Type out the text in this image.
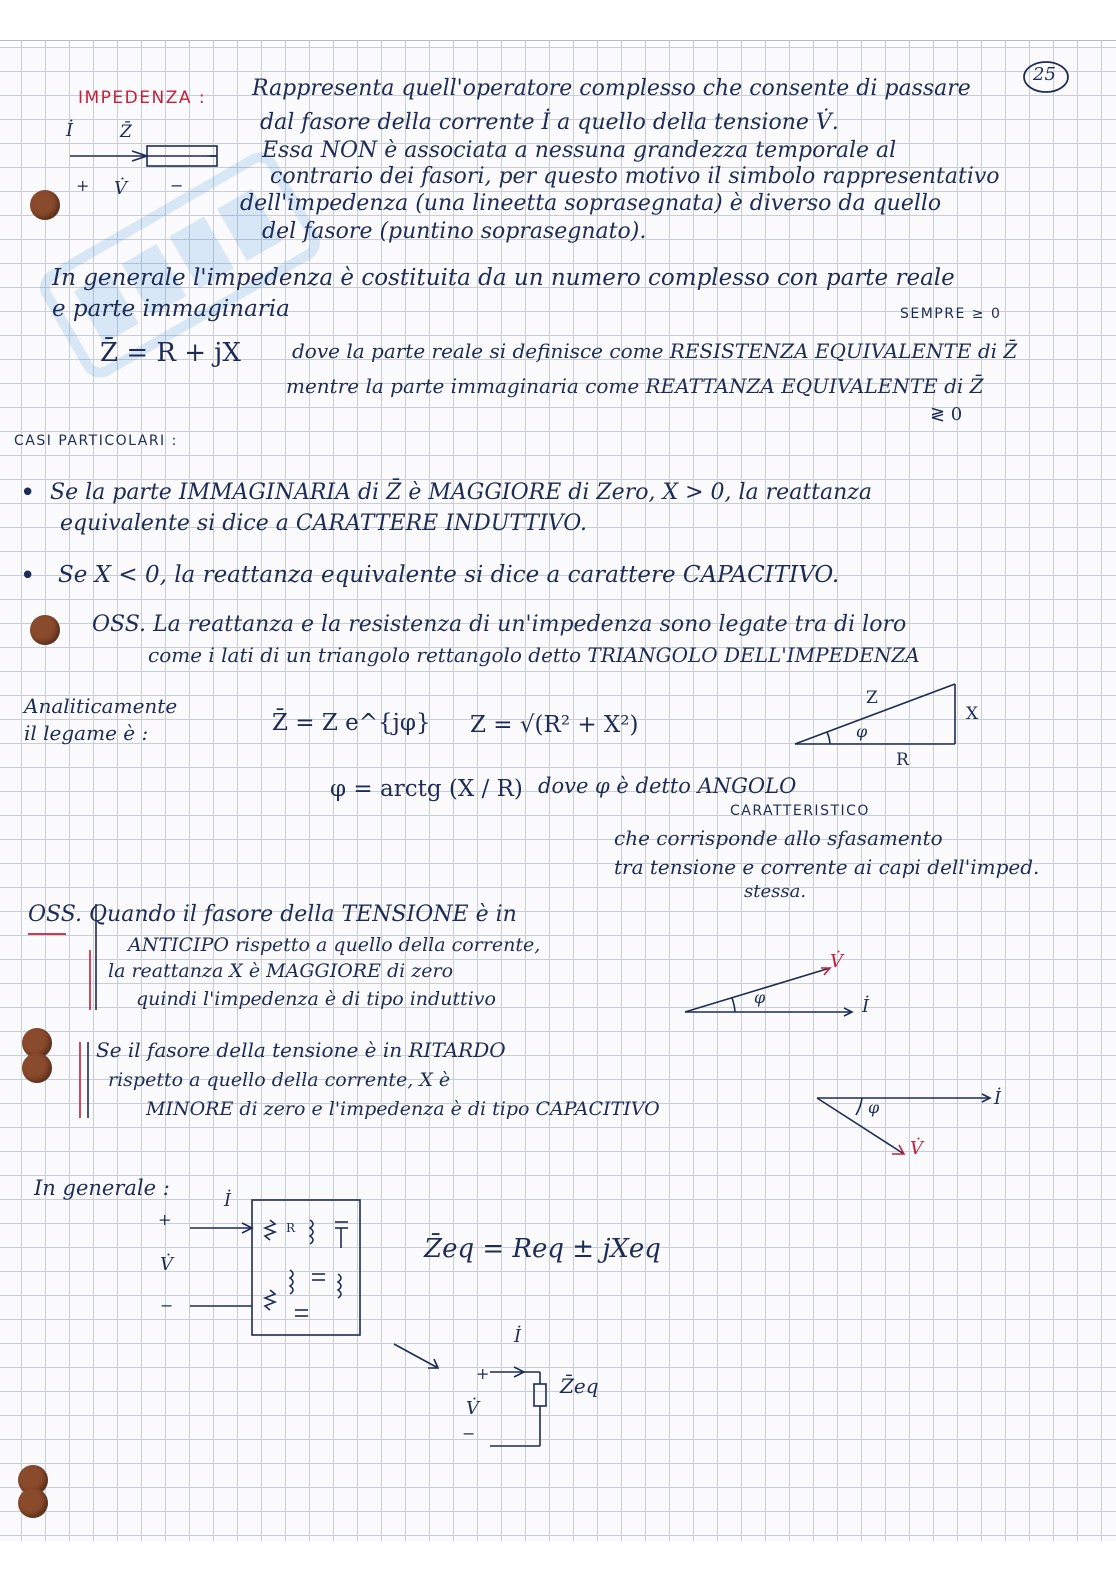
25
IMPEDENZA :
İ	Z̄
+ V̇	−
Rappresenta quell'operatore complesso che consente di passare
dal fasore della corrente İ a quello della tensione V̇.
Essa NON è associata a nessuna grandezza temporale al
contrario dei fasori, per questo motivo il simbolo rappresentativo
dell'impedenza (una lineetta soprasegnata) è diverso da quello
del fasore (puntino soprasegnato).
In generale l'impedenza è costituita da un numero complesso con parte reale
e parte immaginaria	SEMPRE ≥ 0
Z̄ = R + jX	dove la parte reale si definisce come RESISTENZA EQUIVALENTE di Z̄
mentre la parte immaginaria come REATTANZA EQUIVALENTE di Z̄
≷ 0
CASI PARTICOLARI :
• Se la parte IMMAGINARIA di Z̄ è MAGGIORE di Zero, X > 0, la reattanza
equivalente si dice a CARATTERE INDUTTIVO.
• Se X < 0, la reattanza equivalente si dice a carattere CAPACITIVO.
OSS. La reattanza e la resistenza di un'impedenza sono legate tra di loro
come i lati di un triangolo rettangolo detto TRIANGOLO DELL'IMPEDENZA
Analiticamente
il legame è :	Z̄ = Z e^{jφ} Z = √(R² + X²)
Z
X
R
φ
φ = arctg (X / R) dove φ è detto ANGOLO
CARATTERISTICO
che corrisponde allo sfasamento
tra tensione e corrente ai capi dell'imped.
stessa.
OSS. Quando il fasore della TENSIONE è in
ANTICIPO rispetto a quello della corrente,
la reattanza X è MAGGIORE di zero
quindi l'impedenza è di tipo induttivo
V̇
İ
φ
Se il fasore della tensione è in RITARDO
rispetto a quello della corrente, X è
MINORE di zero e l'impedenza è di tipo CAPACITIVO	İ
V̇
φ
In generale :
+
V̇
−
İ
R
Z̄eq = Req ± jXeq
İ
+
V̇
−
Z̄eq
